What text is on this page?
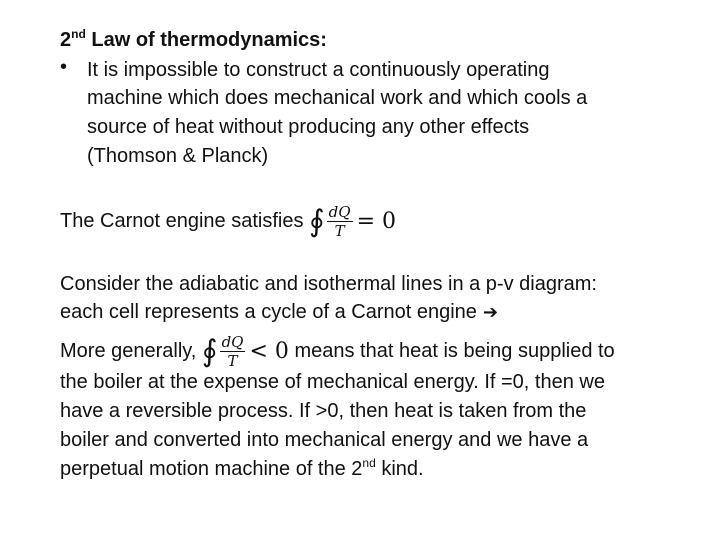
2nd Law of thermodynamics:
• It is impossible to construct a continuously operating
machine which does mechanical work and which cools a
source of heat without producing any other effects
(Thomson & Planck)
The Carnot engine satisfies ∮ $\frac{dQ}{T} = 0$
Consider the adiabatic and isothermal lines in a p-v diagram:
each cell represents a cycle of a Carnot engine ➔
More generally, ∮ $\frac{dQ}{T} < 0$ means that heat is being supplied to
the boiler at the expense of mechanical energy. If =0, then we
have a reversible process. If >0, then heat is taken from the
boiler and converted into mechanical energy and we have a
perpetual motion machine of the 2nd kind.
